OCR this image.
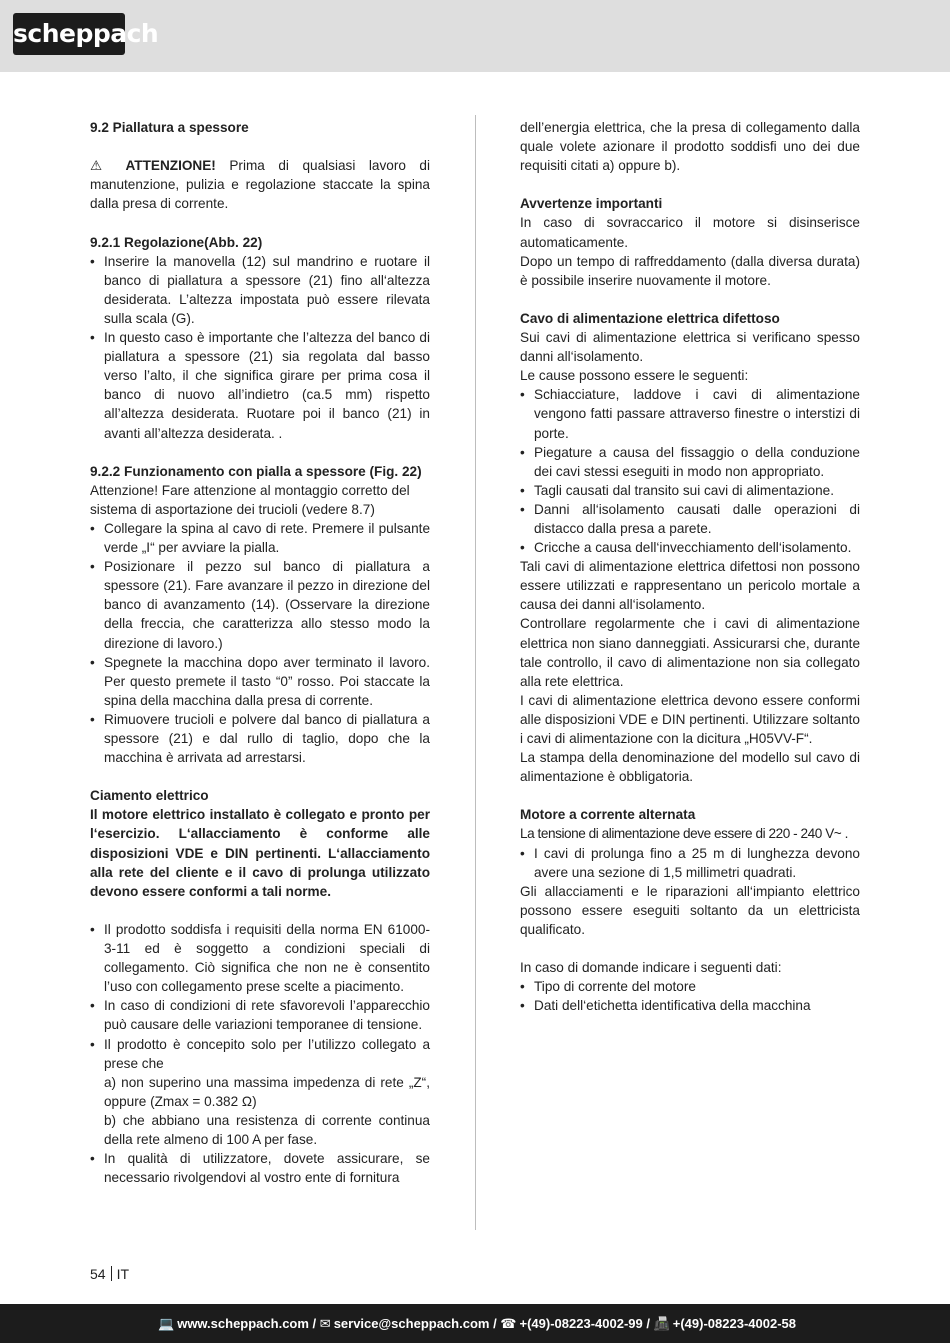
scheppach

9.2 Piallatura a spessore

⚠ ATTENZIONE! Prima di qualsiasi lavoro di manutenzione, pulizia e regolazione staccate la spina dalla presa di corrente.

9.2.1 Regolazione(Abb. 22)

• Inserire la manovella (12) sul mandrino e ruotare il banco di piallatura a spessore (21) fino all‘altezza desiderata. L’altezza impostata può essere rilevata sulla scala (G).
• In questo caso è importante che l’altezza del banco di piallatura a spessore (21) sia regolata dal basso verso l’alto, il che significa girare per prima cosa il banco di nuovo all’indietro (ca.5 mm) rispetto all’altezza desiderata. Ruotare poi il banco (21) in avanti all’altezza desiderata. .

9.2.2 Funzionamento con pialla a spessore (Fig. 22)

Attenzione! Fare attenzione al montaggio corretto del sistema di asportazione dei trucioli (vedere 8.7)

• Collegare la spina al cavo di rete. Premere il pulsante verde „I“ per avviare la pialla.
• Posizionare il pezzo sul banco di piallatura a spessore (21). Fare avanzare il pezzo in direzione del banco di avanzamento (14). (Osservare la direzione della freccia, che caratterizza allo stesso modo la direzione di lavoro.)
• Spegnete la macchina dopo aver terminato il lavoro. Per questo premete il tasto “0” rosso. Poi staccate la spina della macchina dalla presa di corrente.
• Rimuovere trucioli e polvere dal banco di piallatura a spessore (21) e dal rullo di taglio, dopo che la macchina è arrivata ad arrestarsi.

Ciamento elettrico

Il motore elettrico installato è collegato e pronto per l‘esercizio. L‘allacciamento è conforme alle disposizioni VDE e DIN pertinenti. L‘allacciamento alla rete del cliente e il cavo di prolunga utilizzato devono essere conformi a tali norme.

• Il prodotto soddisfa i requisiti della norma EN 61000-3-11 ed è soggetto a condizioni speciali di collegamento. Ciò significa che non ne è consentito l’uso con collegamento prese scelte a piacimento.
• In caso di condizioni di rete sfavorevoli l’apparecchio può causare delle variazioni temporanee di tensione.
• Il prodotto è concepito solo per l’utilizzo collegato a prese che
a) non superino una massima impedenza di rete „Z“, oppure (Zmax = 0.382 Ω)
b) che abbiano una resistenza di corrente continua della rete almeno di 100 A per fase.
• In qualità di utilizzatore, dovete assicurare, se necessario rivolgendovi al vostro ente di fornitura

dell’energia elettrica, che la presa di collegamento dalla quale volete azionare il prodotto soddisfi uno dei due requisiti citati a) oppure b).

Avvertenze importanti

In caso di sovraccarico il motore si disinserisce automaticamente.

Dopo un tempo di raffreddamento (dalla diversa durata) è possibile inserire nuovamente il motore.

Cavo di alimentazione elettrica difettoso

Sui cavi di alimentazione elettrica si verificano spesso danni all‘isolamento.

Le cause possono essere le seguenti:

• Schiacciature, laddove i cavi di alimentazione vengono fatti passare attraverso finestre o interstizi di porte.
• Piegature a causa del fissaggio o della conduzione dei cavi stessi eseguiti in modo non appropriato.
• Tagli causati dal transito sui cavi di alimentazione.
• Danni all‘isolamento causati dalle operazioni di distacco dalla presa a parete.
• Cricche a causa dell‘invecchiamento dell‘isolamento.

Tali cavi di alimentazione elettrica difettosi non possono essere utilizzati e rappresentano un pericolo mortale a causa dei danni all‘isolamento.

Controllare regolarmente che i cavi di alimentazione elettrica non siano danneggiati. Assicurarsi che, durante tale controllo, il cavo di alimentazione non sia collegato alla rete elettrica.

I cavi di alimentazione elettrica devono essere conformi alle disposizioni VDE e DIN pertinenti. Utilizzare soltanto i cavi di alimentazione con la dicitura „H05VV-F“.

La stampa della denominazione del modello sul cavo di alimentazione è obbligatoria.

Motore a corrente alternata

La tensione di alimentazione deve essere di 220 - 240 V~ .

• I cavi di prolunga fino a 25 m di lunghezza devono avere una sezione di 1,5 millimetri quadrati.

Gli allacciamenti e le riparazioni all‘impianto elettrico possono essere eseguiti soltanto da un elettricista qualificato.

In caso di domande indicare i seguenti dati:

• Tipo di corrente del motore
• Dati dell‘etichetta identificativa della macchina
54 IT
💻 www.scheppach.com / ✉ service@scheppach.com / ☎ +(49)-08223-4002-99 / 📠 +(49)-08223-4002-58
